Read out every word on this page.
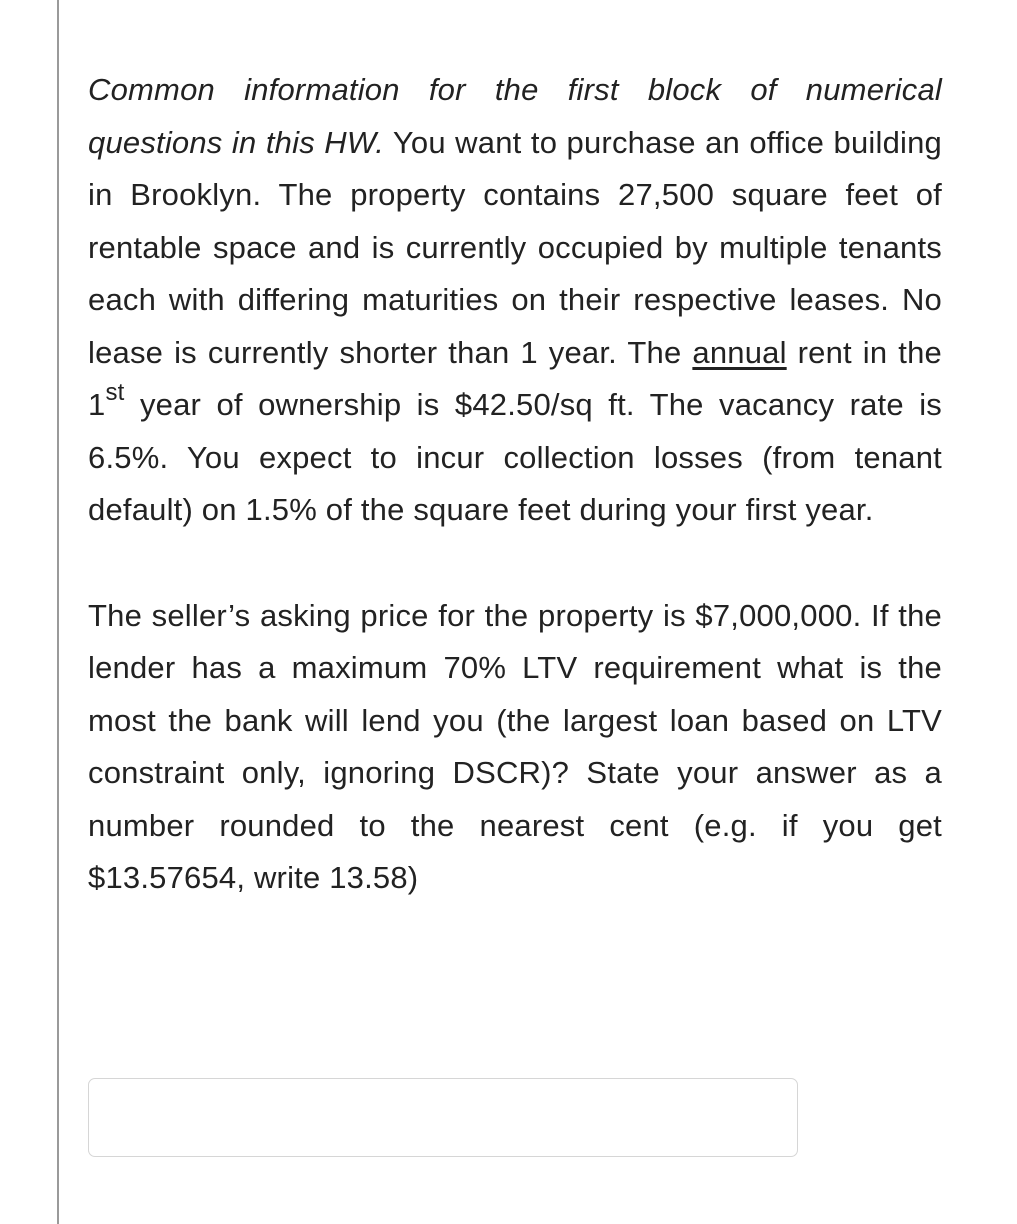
Common information for the first block of numerical questions in this HW. You want to purchase an office building in Brooklyn. The property contains 27,500 square feet of rentable space and is currently occupied by multiple tenants each with differing maturities on their respective leases. No lease is currently shorter than 1 year. The annual rent in the 1st year of ownership is $42.50/sq ft. The vacancy rate is 6.5%. You expect to incur collection losses (from tenant default) on 1.5% of the square feet during your first year.

The seller’s asking price for the property is $7,000,000. If the lender has a maximum 70% LTV requirement what is the most the bank will lend you (the largest loan based on LTV constraint only, ignoring DSCR)? State your answer as a number rounded to the nearest cent (e.g. if you get $13.57654, write 13.58)
